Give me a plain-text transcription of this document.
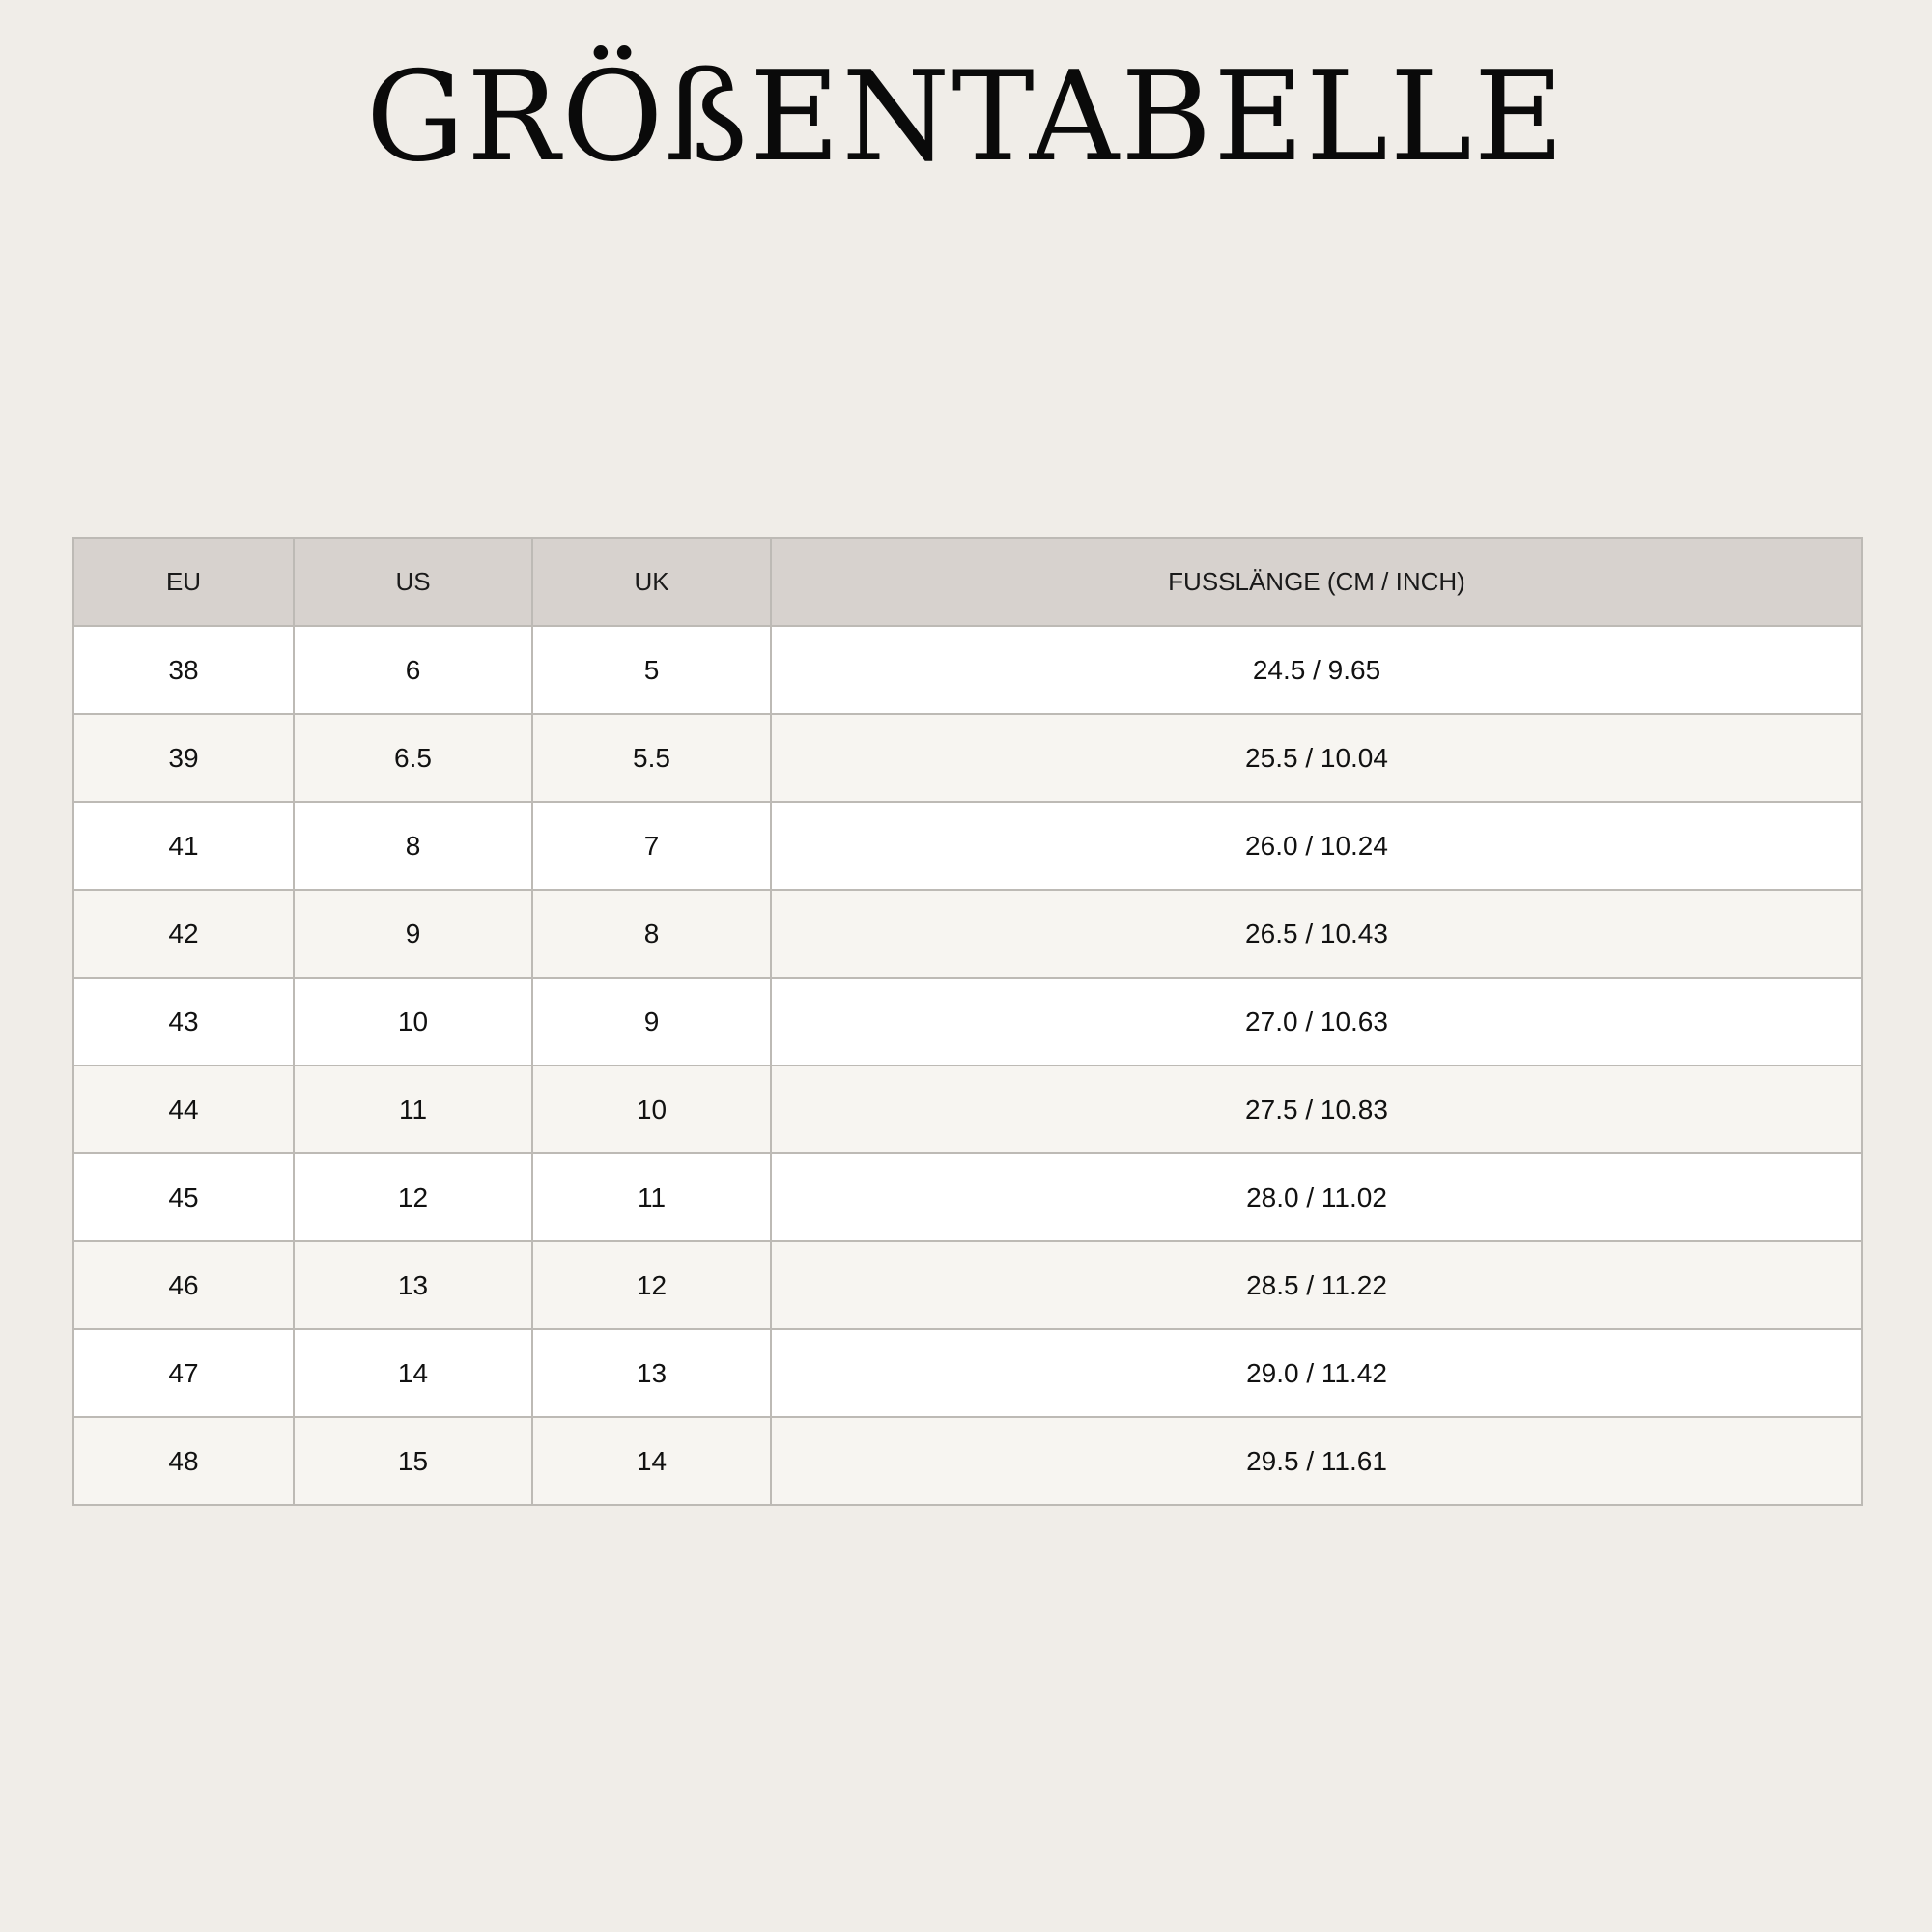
GRÖßENTABELLE
EU	US	UK	FUSSLÄNGE (CM / INCH)
38	6	5	24.5 / 9.65
39	6.5	5.5	25.5 / 10.04
41	8	7	26.0 / 10.24
42	9	8	26.5 / 10.43
43	10	9	27.0 / 10.63
44	11	10	27.5 / 10.83
45	12	11	28.0 / 11.02
46	13	12	28.5 / 11.22
47	14	13	29.0 / 11.42
48	15	14	29.5 / 11.61
